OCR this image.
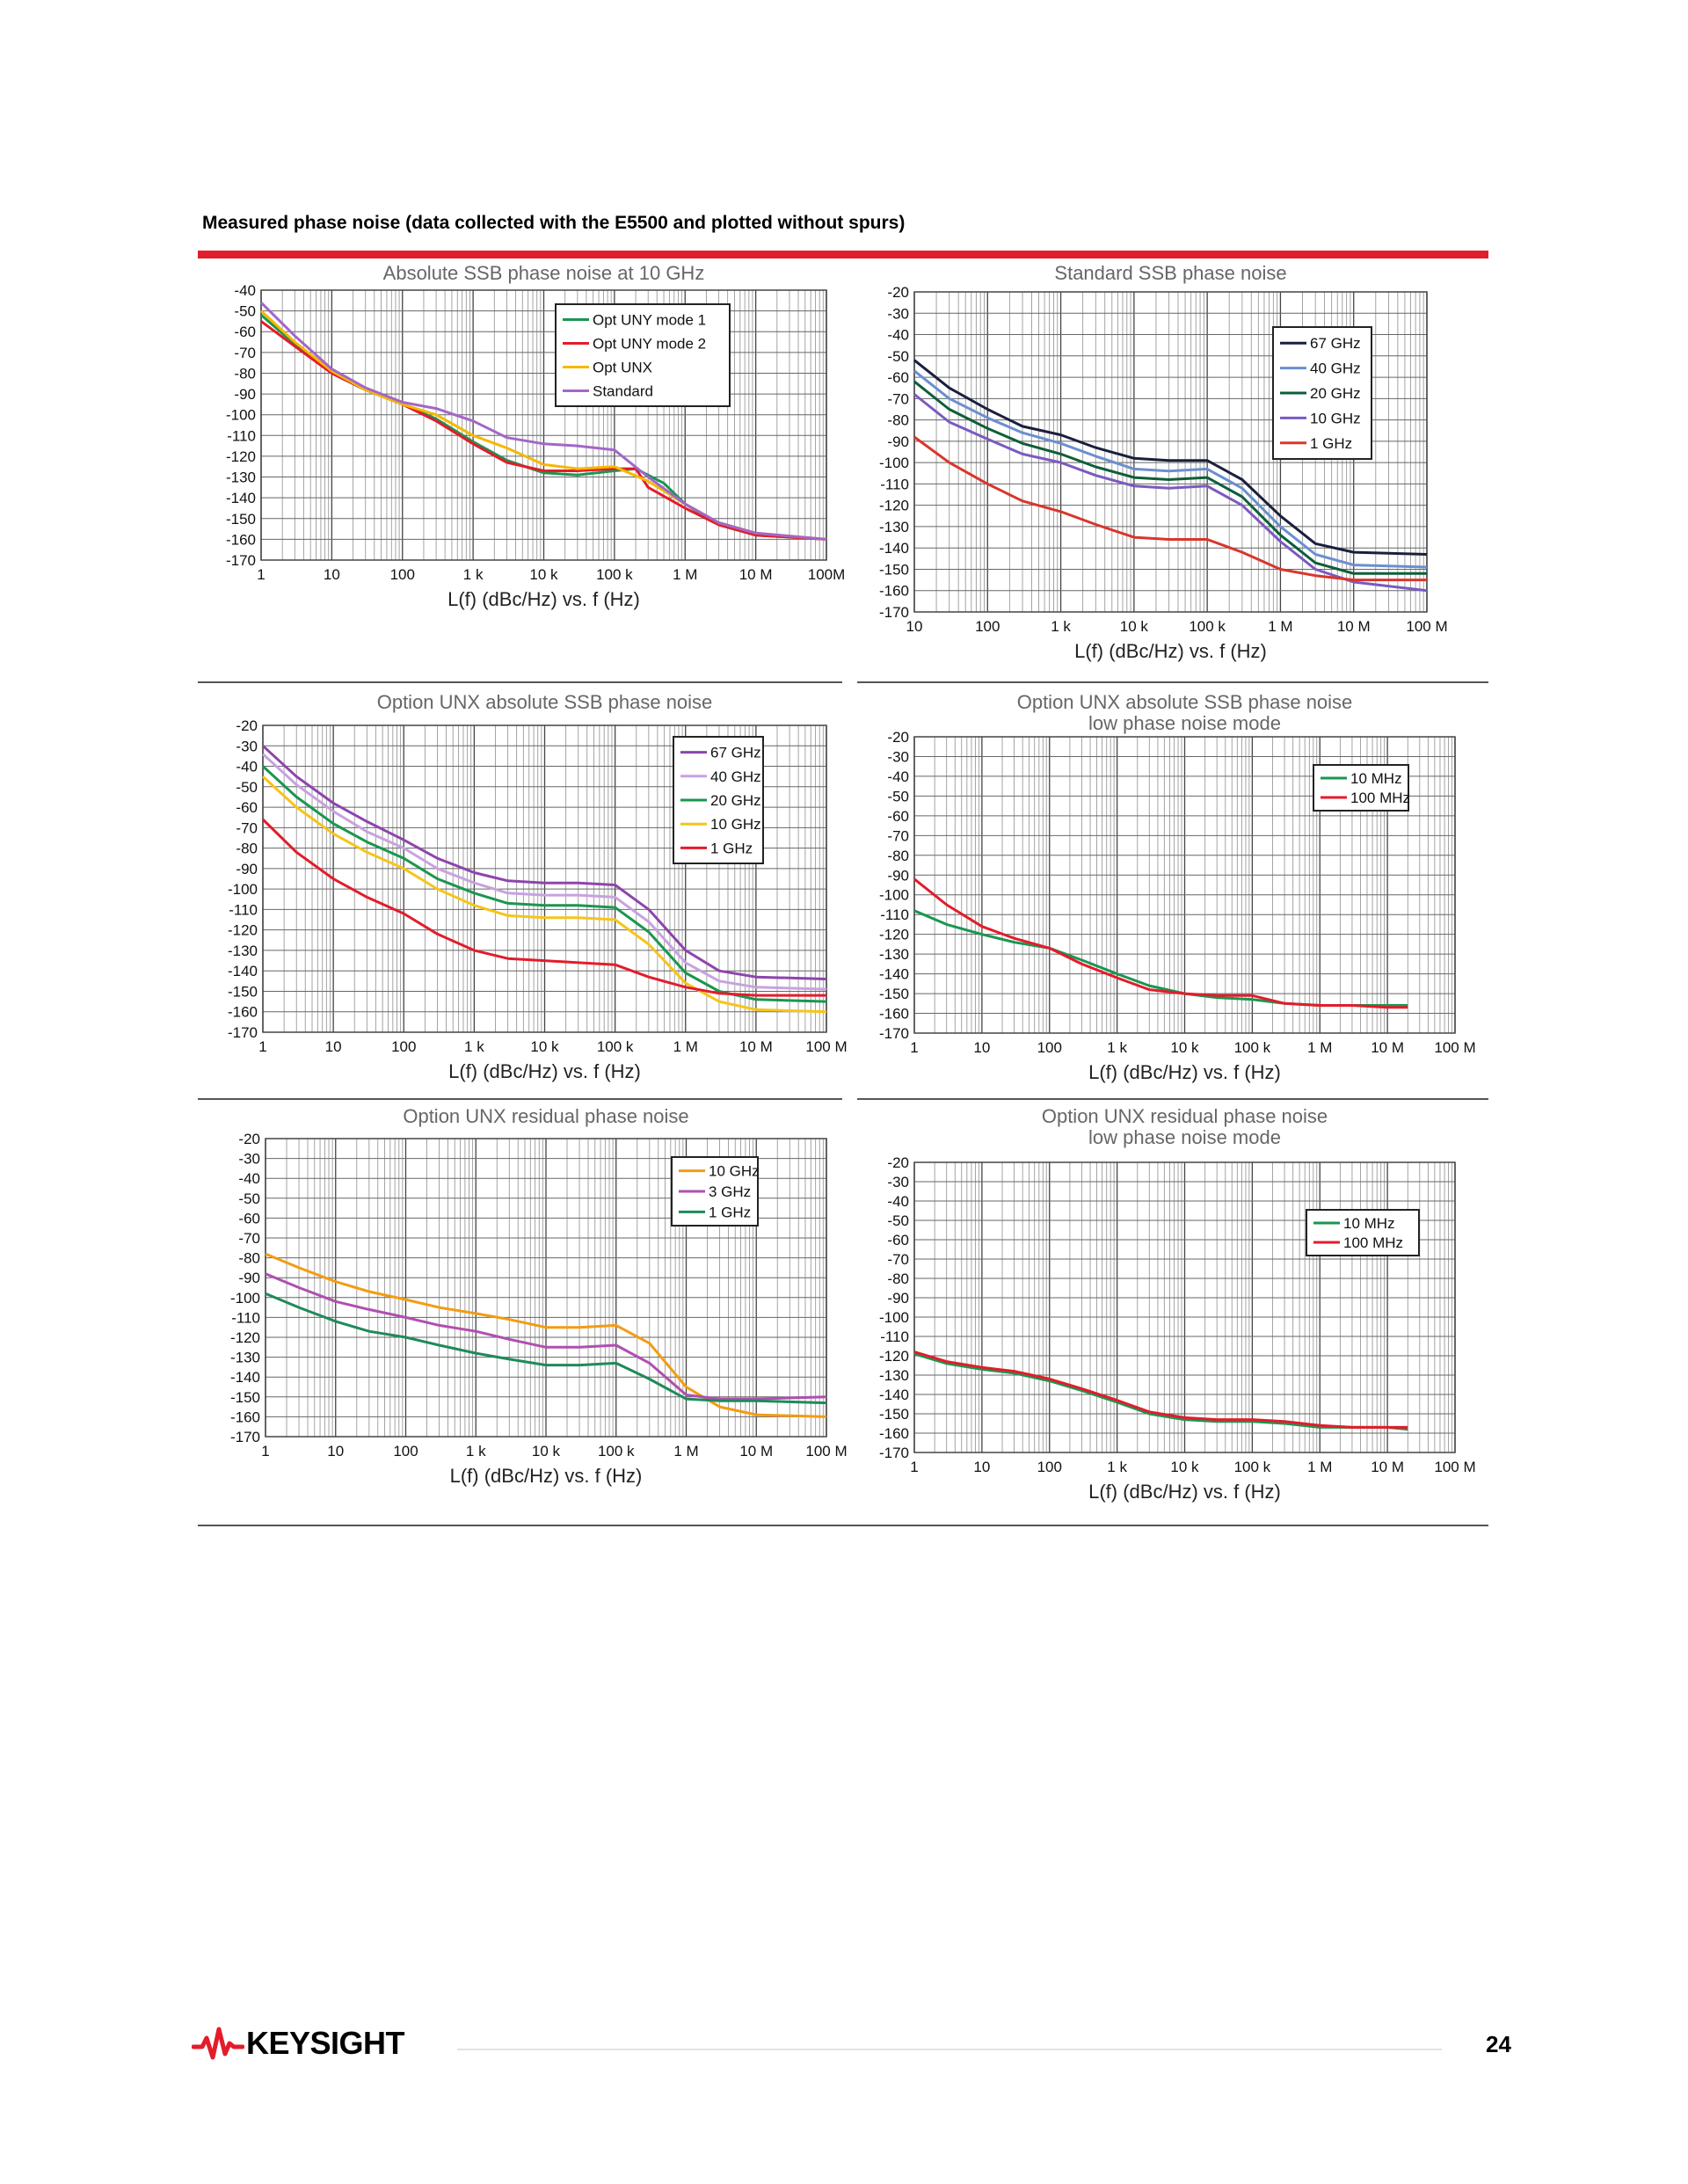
Measured phase noise (data collected with the E5500 and plotted without spurs)
-40
-50
-60
-70
-80
-90
-100
-110
-120
-130
-140
-150
-160
-170
1	10	100	1 k	10 k	100 k	1 M	10 M 100M
L(f) (dBc/Hz) vs. f (Hz)
Absolute SSB phase noise at 10 GHz
Opt UNY mode 1
Opt UNY mode 2
Opt UNX
Standard
-20
-30
-40
-50
-60
-70
-80
-90
-100
-110
-120
-130
-140
-150
-160
-170
10	100	1 k	10 k	100 k	1 M	10 M 100 M
L(f) (dBc/Hz) vs. f (Hz)
Standard SSB phase noise
67 GHz
40 GHz
20 GHz
10 GHz
1 GHz
-20
-30
-40
-50
-60
-70
-80
-90
-100
-110
-120
-130
-140
-150
-160
-170
1	10	100	1 k	10 k	100 k	1 M	10 M 100 M
L(f) (dBc/Hz) vs. f (Hz)
Option UNX absolute SSB phase noise
67 GHz
40 GHz
20 GHz
10 GHz
1 GHz
-20
-30
-40
-50
-60
-70
-80
-90
-100
-110
-120
-130
-140
-150
-160
-170
1	10	100	1 k	10 k 100 k 1 M	10 M 100 M
L(f) (dBc/Hz) vs. f (Hz)
Option UNX absolute SSB phase noise
low phase noise mode
10 MHz
100 MHz
-20
-30
-40
-50
-60
-70
-80
-90
-100
-110
-120
-130
-140
-150
-160
-170
1	10	100	1 k	10 k	100 k	1 M	10 M 100 M
L(f) (dBc/Hz) vs. f (Hz)
Option UNX residual phase noise
10 GHz
3 GHz
1 GHz
-20
-30
-40
-50
-60
-70
-80
-90
-100
-110
-120
-130
-140
-150
-160
-170
1	10	100	1 k	10 k 100 k 1 M	10 M 100 M
L(f) (dBc/Hz) vs. f (Hz)
Option UNX residual phase noise
low phase noise mode
10 MHz
100 MHz
KEYSIGHT	24
